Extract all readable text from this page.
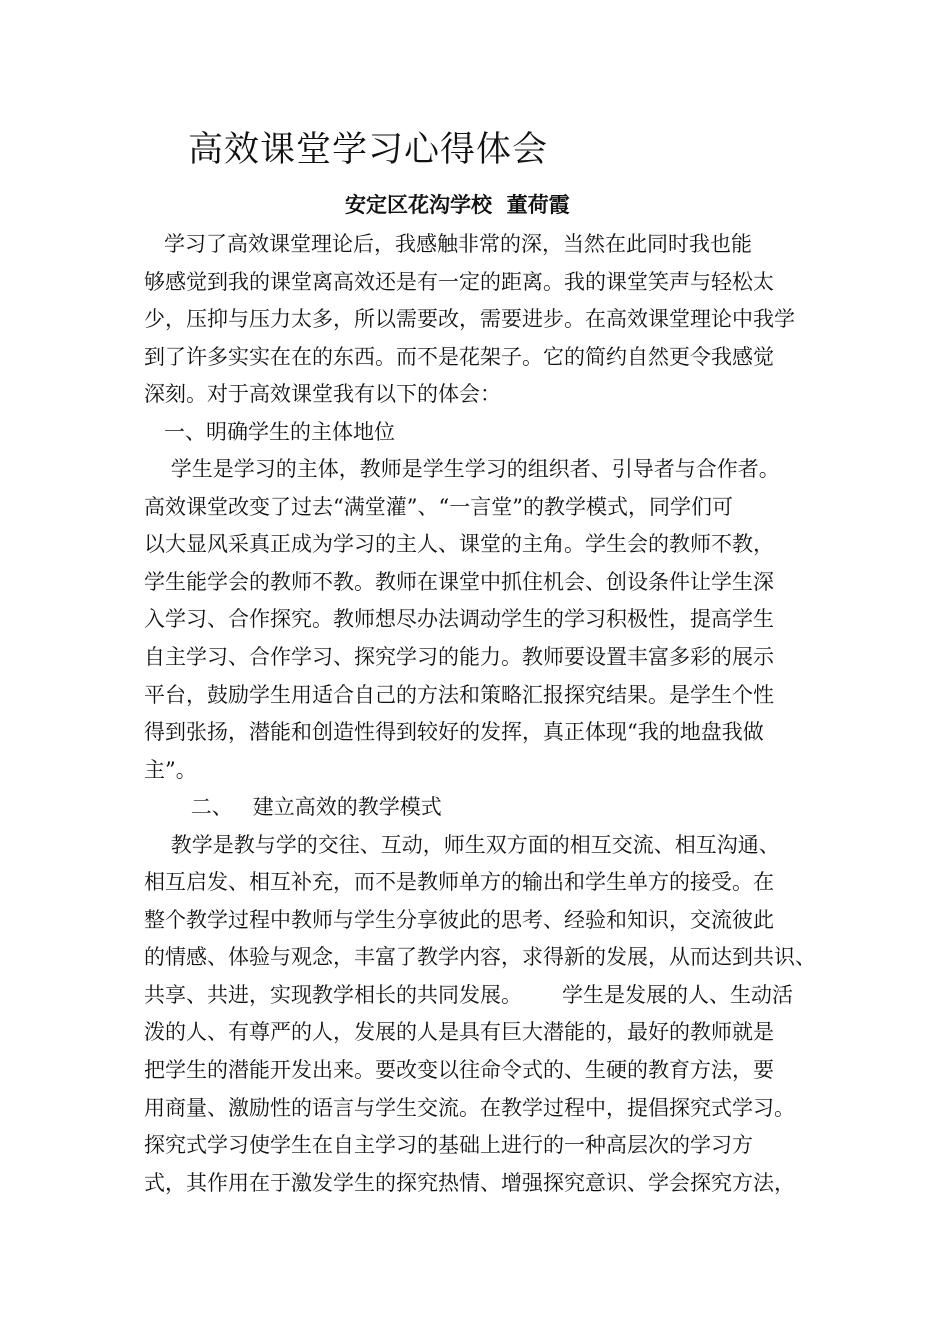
高效课堂学习心得体会
安定区花沟学校  董荷霞
学习了高效课堂理论后，我感触非常的深，当然在此同时我也能
够感觉到我的课堂离高效还是有一定的距离。我的课堂笑声与轻松太
少，压抑与压力太多，所以需要改，需要进步。在高效课堂理论中我学
到了许多实实在在的东西。而不是花架子。它的简约自然更令我感觉
深刻。对于高效课堂我有以下的体会：
一、明确学生的主体地位
学生是学习的主体，教师是学生学习的组织者、引导者与合作者。
高效课堂改变了过去“满堂灌”、“一言堂”的教学模式，同学们可
以大显风采真正成为学习的主人、课堂的主角。学生会的教师不教，
学生能学会的教师不教。教师在课堂中抓住机会、创设条件让学生深
入学习、合作探究。教师想尽办法调动学生的学习积极性，提高学生
自主学习、合作学习、探究学习的能力。教师要设置丰富多彩的展示
平台，鼓励学生用适合自己的方法和策略汇报探究结果。是学生个性
得到张扬，潜能和创造性得到较好的发挥，真正体现“我的地盘我做
主”。
二、   建立高效的教学模式
教学是教与学的交往、互动，师生双方面的相互交流、相互沟通、
相互启发、相互补充，而不是教师单方的输出和学生单方的接受。在
整个教学过程中教师与学生分享彼此的思考、经验和知识，交流彼此
的情感、体验与观念，丰富了教学内容，求得新的发展，从而达到共识、
共享、共进，实现教学相长的共同发展。      学生是发展的人、生动活
泼的人、有尊严的人，发展的人是具有巨大潜能的，最好的教师就是
把学生的潜能开发出来。要改变以往命令式的、生硬的教育方法，要
用商量、激励性的语言与学生交流。在教学过程中，提倡探究式学习。
探究式学习使学生在自主学习的基础上进行的一种高层次的学习方
式，其作用在于激发学生的探究热情、增强探究意识、学会探究方法，
